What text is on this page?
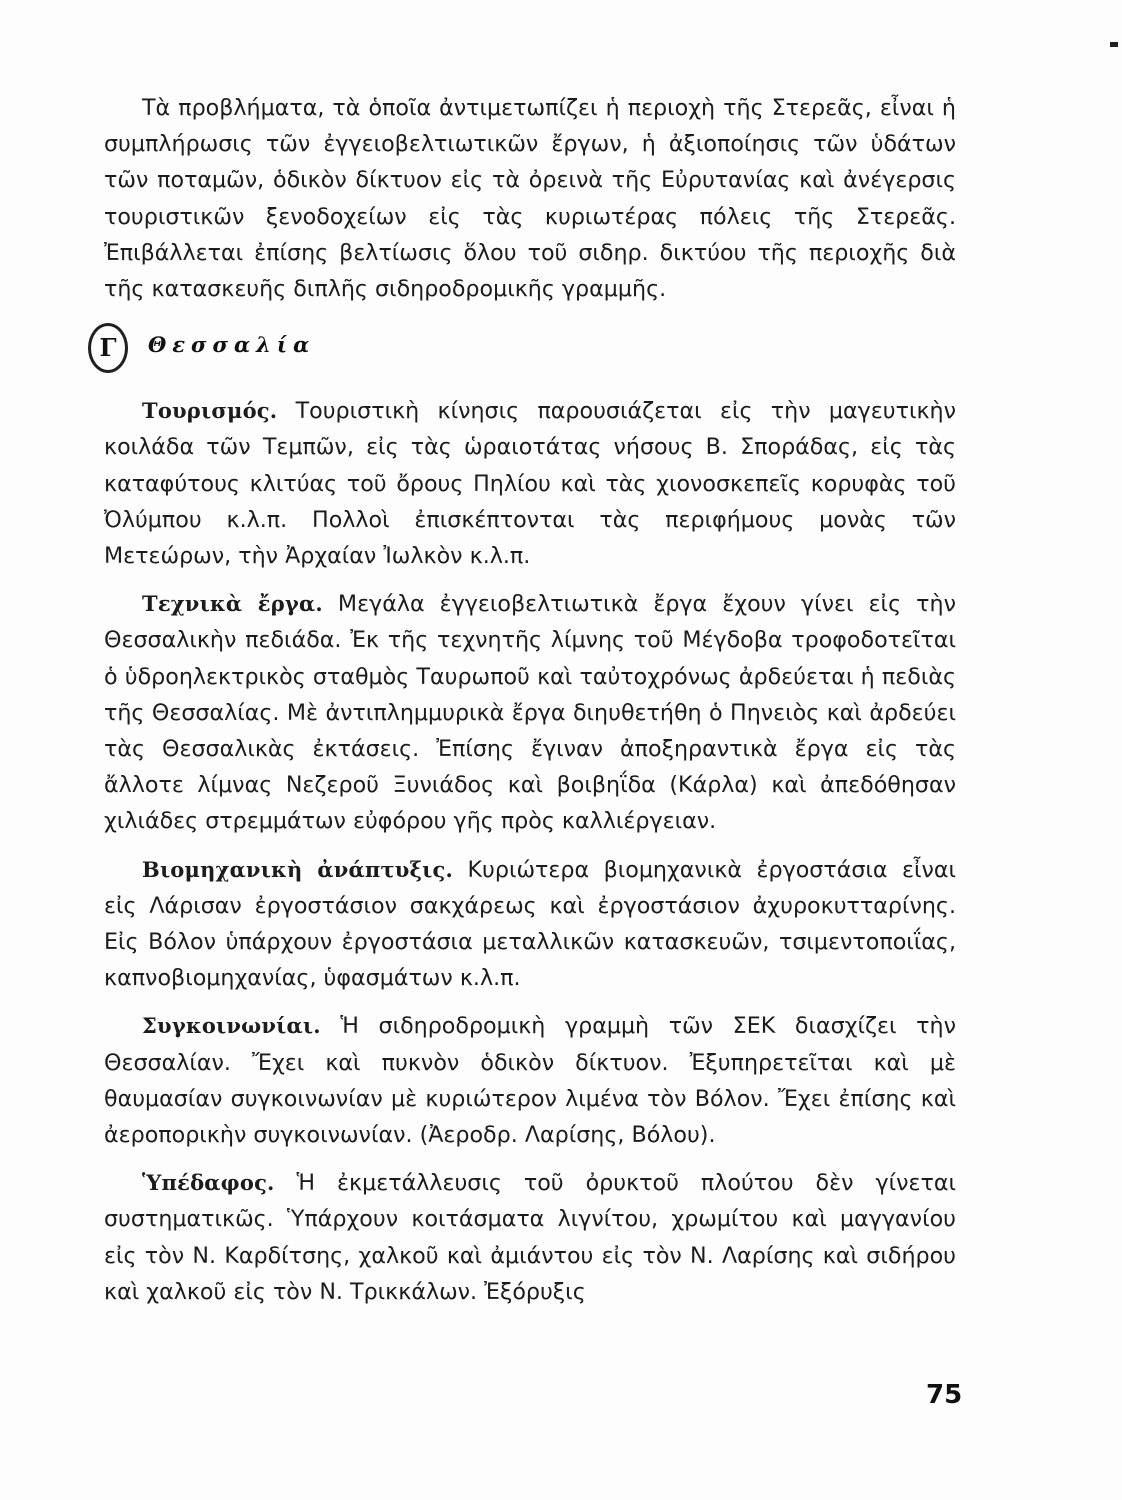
Τὰ προβλήματα, τὰ ὁποῖα ἀντιμετωπίζει ἡ περιοχὴ τῆς Στερεᾶς, εἶναι ἡ συμπλήρωσις τῶν ἐγγειοβελτιωτικῶν ἔργων, ἡ ἀξιοποίησις τῶν ὑδάτων τῶν ποταμῶν, ὁδικὸν δίκτυον εἰς τὰ ὀρεινὰ τῆς Εὐρυτανίας καὶ ἀνέγερσις τουριστικῶν ξενοδοχείων εἰς τὰς κυριωτέρας πόλεις τῆς Στερεᾶς. Ἐπιβάλλεται ἐπίσης βελτίωσις ὅλου τοῦ σιδηρ. δικτύου τῆς περιοχῆς διὰ τῆς κατασκευῆς διπλῆς σιδηροδρομικῆς γραμμῆς.

Γ	Θεσσαλία

Τουρισμός. Τουριστικὴ κίνησις παρουσιάζεται εἰς τὴν μαγευτικὴν κοιλάδα τῶν Τεμπῶν, εἰς τὰς ὡραιοτάτας νήσους Β. Σποράδας, εἰς τὰς καταφύτους κλιτύας τοῦ ὄρους Πηλίου καὶ τὰς χιονοσκεπεῖς κορυφὰς τοῦ Ὀλύμπου κ.λ.π. Πολλοὶ ἐπισκέπτονται τὰς περιφήμους μονὰς τῶν Μετεώρων, τὴν Ἀρχαίαν Ἰωλκὸν κ.λ.π.

Τεχνικὰ ἔργα. Μεγάλα ἐγγειοβελτιωτικὰ ἔργα ἔχουν γίνει εἰς τὴν Θεσσαλικὴν πεδιάδα. Ἐκ τῆς τεχνητῆς λίμνης τοῦ Μέγδοβα τροφοδοτεῖται ὁ ὑδροηλεκτρικὸς σταθμὸς Ταυρωποῦ καὶ ταὐτοχρόνως ἀρδεύεται ἡ πεδιὰς τῆς Θεσσαλίας. Μὲ ἀντιπλημμυρικὰ ἔργα διηυθετήθη ὁ Πηνειὸς καὶ ἀρδεύει τὰς Θεσσαλικὰς ἐκτάσεις. Ἐπίσης ἔγιναν ἀποξηραντικὰ ἔργα εἰς τὰς ἄλλοτε λίμνας Νεζεροῦ Ξυνιάδος καὶ βοιβηΐδα (Κάρλα) καὶ ἀπεδόθησαν χιλιάδες στρεμμάτων εὐφόρου γῆς πρὸς καλλιέργειαν.

Βιομηχανικὴ ἀνάπτυξις. Κυριώτερα βιομηχανικὰ ἐργοστάσια εἶναι εἰς Λάρισαν ἐργοστάσιον σακχάρεως καὶ ἐργοστάσιον ἀχυροκυτταρίνης. Εἰς Βόλον ὑπάρχουν ἐργοστάσια μεταλλικῶν κατασκευῶν, τσιμεντοποιΐας, καπνοβιομηχανίας, ὑφασμάτων κ.λ.π.

Συγκοινωνίαι. Ἡ σιδηροδρομικὴ γραμμὴ τῶν ΣΕΚ διασχίζει τὴν Θεσσαλίαν. Ἔχει καὶ πυκνὸν ὁδικὸν δίκτυον. Ἐξυπηρετεῖται καὶ μὲ θαυμασίαν συγκοινωνίαν μὲ κυριώτερον λιμένα τὸν Βόλον. Ἔχει ἐπίσης καὶ ἀεροπορικὴν συγκοινωνίαν. (Ἀεροδρ. Λαρίσης, Βόλου).

Ὑπέδαφος. Ἡ ἐκμετάλλευσις τοῦ ὀρυκτοῦ πλούτου δὲν γίνεται συστηματικῶς. Ὑπάρχουν κοιτάσματα λιγνίτου, χρωμίτου καὶ μαγγανίου εἰς τὸν Ν. Καρδίτσης, χαλκοῦ καὶ ἀμιάντου εἰς τὸν Ν. Λαρίσης καὶ σιδήρου καὶ χαλκοῦ εἰς τὸν Ν. Τρικκάλων. Ἐξόρυξις

75
